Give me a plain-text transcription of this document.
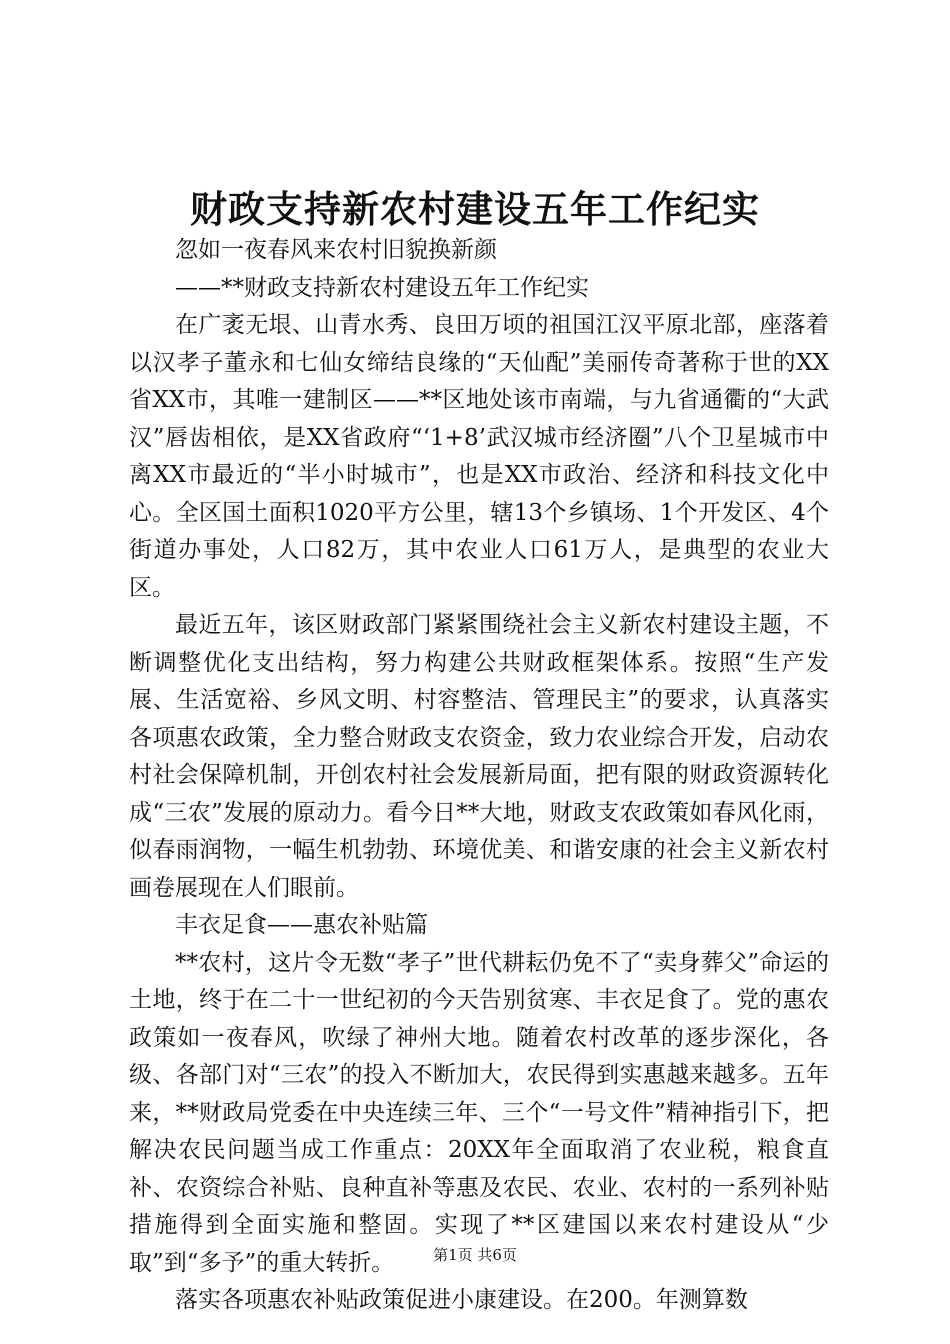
财政支持新农村建设五年工作纪实

忽如一夜春风来农村旧貌换新颜

——**财政支持新农村建设五年工作纪实

在广袤无垠、山青水秀、良田万顷的祖国江汉平原北部，座落着以汉孝子董永和七仙女缔结良缘的“天仙配”美丽传奇著称于世的XX省XX市，其唯一建制区——**区地处该市南端，与九省通衢的“大武汉”唇齿相依，是XX省政府“‘1+8’武汉城市经济圈”八个卫星城市中离XX市最近的“半小时城市”，也是XX市政治、经济和科技文化中心。全区国土面积1020平方公里，辖13个乡镇场、1个开发区、4个街道办事处，人口82万，其中农业人口61万人，是典型的农业大区。

最近五年，该区财政部门紧紧围绕社会主义新农村建设主题，不断调整优化支出结构，努力构建公共财政框架体系。按照“生产发展、生活宽裕、乡风文明、村容整洁、管理民主”的要求，认真落实各项惠农政策，全力整合财政支农资金，致力农业综合开发，启动农村社会保障机制，开创农村社会发展新局面，把有限的财政资源转化成“三农”发展的原动力。看今日**大地，财政支农政策如春风化雨，似春雨润物，一幅生机勃勃、环境优美、和谐安康的社会主义新农村画卷展现在人们眼前。

丰衣足食——惠农补贴篇

**农村，这片令无数“孝子”世代耕耘仍免不了“卖身葬父”命运的土地，终于在二十一世纪初的今天告别贫寒、丰衣足食了。党的惠农政策如一夜春风，吹绿了神州大地。随着农村改革的逐步深化，各级、各部门对“三农”的投入不断加大，农民得到实惠越来越多。五年来，**财政局党委在中央连续三年、三个“一号文件”精神指引下，把解决农民问题当成工作重点：20XX年全面取消了农业税，粮食直补、农资综合补贴、良种直补等惠及农民、农业、农村的一系列补贴措施得到全面实施和整固。实现了**区建国以来农村建设从“少取”到“多予”的重大转折。

落实各项惠农补贴政策促进小康建设。在200。年测算数

第1页 共6页
